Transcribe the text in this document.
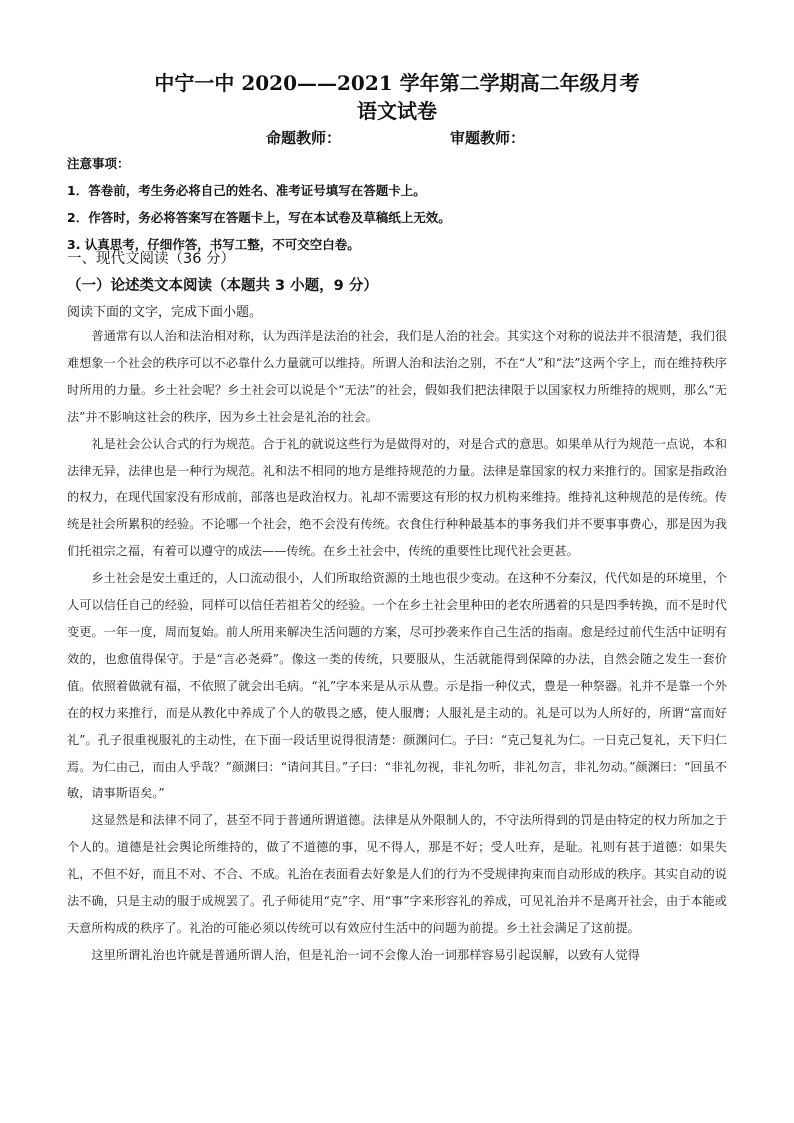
中宁一中 2020——2021 学年第二学期高二年级月考
语文试卷
命题教师：	审题教师：
注意事项：
1．答卷前，考生务必将自己的姓名、准考证号填写在答题卡上。
2．作答时，务必将答案写在答题卡上，写在本试卷及草稿纸上无效。
3. 认真思考，仔细作答，书写工整，不可交空白卷。
一、现代文阅读（36 分）
（一）论述类文本阅读（本题共 3 小题，9 分）
阅读下面的文字，完成下面小题。

普通常有以人治和法治相对称，认为西洋是法治的社会，我们是人治的社会。其实这个对称的说法并不很清楚，我们很难想象一个社会的秩序可以不必靠什么力量就可以维持。所谓人治和法治之别，不在“人”和“法”这两个字上，而在维持秩序时所用的力量。乡土社会呢？乡土社会可以说是个“无法”的社会，假如我们把法律限于以国家权力所维持的规则，那么“无法”并不影响这社会的秩序，因为乡土社会是礼治的社会。

礼是社会公认合式的行为规范。合于礼的就说这些行为是做得对的，对是合式的意思。如果单从行为规范一点说，本和法律无异，法律也是一种行为规范。礼和法不相同的地方是维持规范的力量。法律是靠国家的权力来推行的。国家是指政治的权力，在现代国家没有形成前，部落也是政治权力。礼却不需要这有形的权力机构来维持。维持礼这种规范的是传统。传统是社会所累积的经验。不论哪一个社会，绝不会没有传统。衣食住行种种最基本的事务我们并不要事事费心，那是因为我们托祖宗之福，有着可以遵守的成法——传统。在乡土社会中，传统的重要性比现代社会更甚。

乡土社会是安土重迁的，人口流动很小，人们所取给资源的土地也很少变动。在这种不分秦汉，代代如是的环境里，个人可以信任自己的经验，同样可以信任若祖若父的经验。一个在乡土社会里种田的老农所遇着的只是四季转换，而不是时代变更。一年一度，周而复始。前人所用来解决生活问题的方案，尽可抄袭来作自己生活的指南。愈是经过前代生活中证明有效的，也愈值得保守。于是“言必尧舜”。像这一类的传统，只要服从，生活就能得到保障的办法，自然会随之发生一套价值。依照着做就有福，不依照了就会出毛病。“礼”字本来是从示从豊。示是指一种仪式，豊是一种祭器。礼并不是靠一个外在的权力来推行，而是从教化中养成了个人的敬畏之感，使人服膺；人服礼是主动的。礼是可以为人所好的，所谓“富而好礼”。孔子很重视服礼的主动性，在下面一段话里说得很清楚：颜渊问仁。子曰：“克己复礼为仁。一日克己复礼，天下归仁焉。为仁由己，而由人乎哉？”颜渊曰：“请问其目。”子曰：“非礼勿视，非礼勿听，非礼勿言，非礼勿动。”颜渊曰：“回虽不敏，请事斯语矣。”

这显然是和法律不同了，甚至不同于普通所谓道德。法律是从外限制人的，不守法所得到的罚是由特定的权力所加之于个人的。道德是社会舆论所维持的，做了不道德的事，见不得人，那是不好；受人吐弃，是耻。礼则有甚于道德：如果失礼，不但不好，而且不对、不合、不成。礼治在表面看去好象是人们的行为不受规律拘束而自动形成的秩序。其实自动的说法不确，只是主动的服于成规罢了。孔子师徒用“克”字、用“事”字来形容礼的养成，可见礼治并不是离开社会，由于本能或天意所构成的秩序了。礼治的可能必须以传统可以有效应付生活中的问题为前提。乡土社会满足了这前提。

这里所谓礼治也许就是普通所谓人治，但是礼治一词不会像人治一词那样容易引起误解，以致有人觉得
